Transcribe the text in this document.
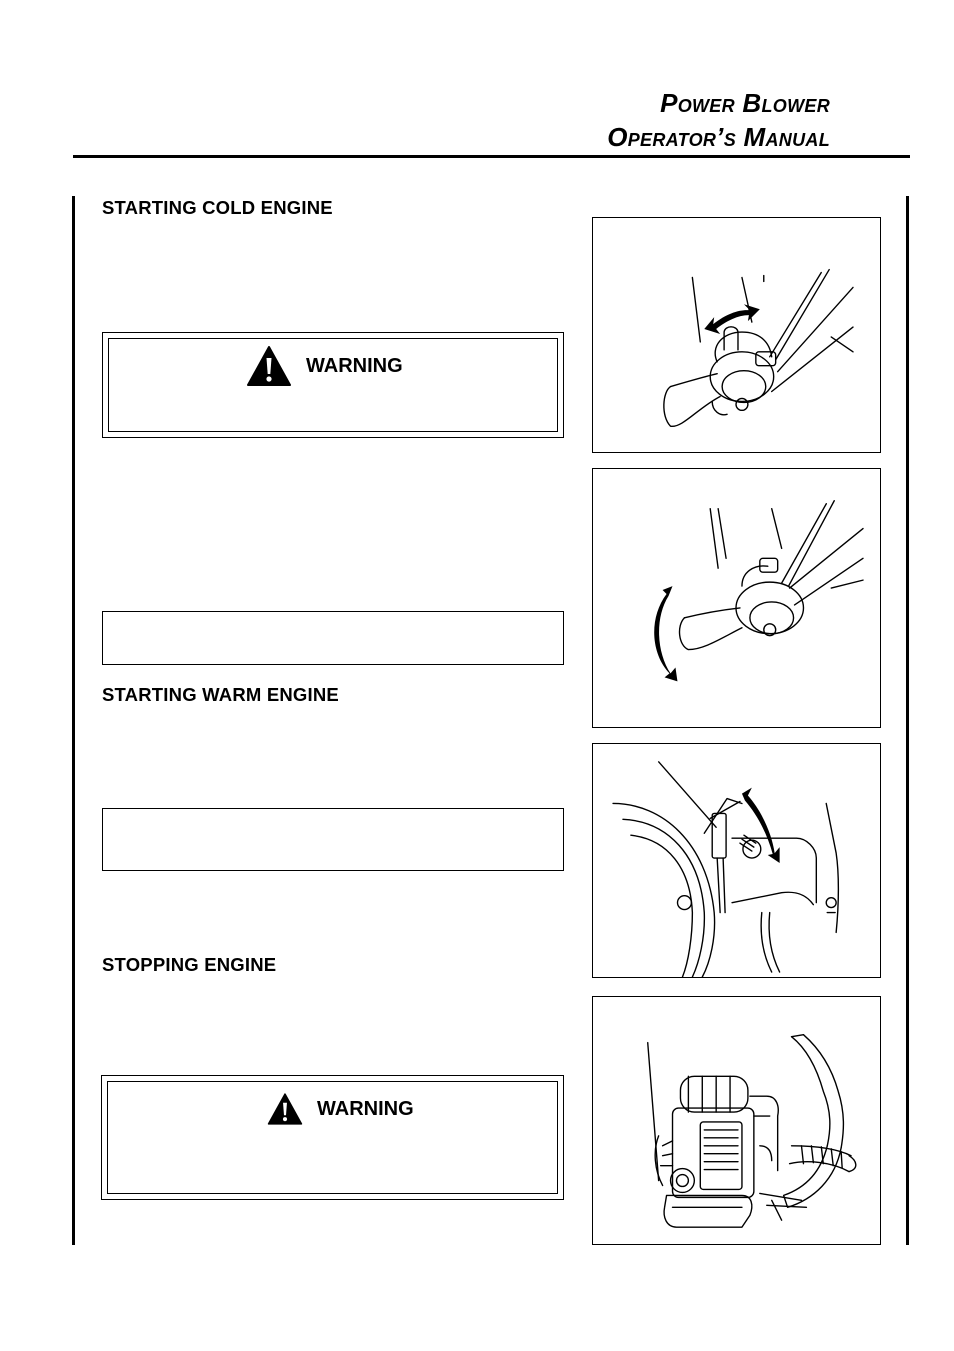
Power Blower
Operator’s Manual
STARTING COLD ENGINE
WARNING
STARTING WARM ENGINE
STOPPING ENGINE
WARNING
